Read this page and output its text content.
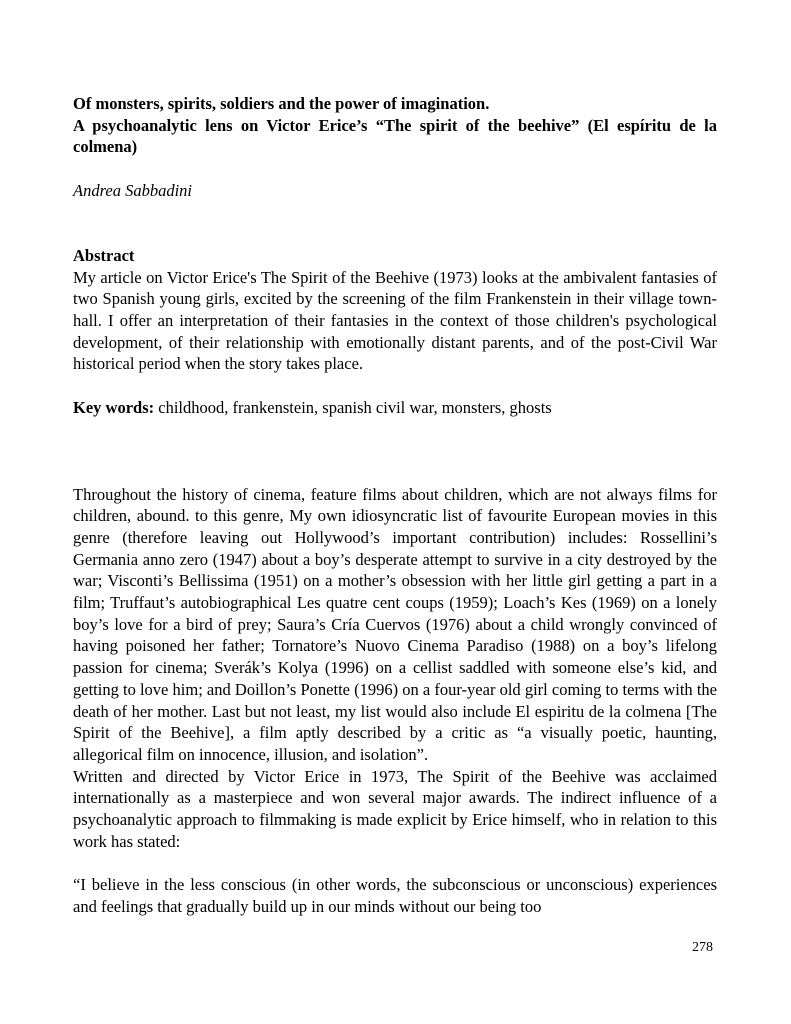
Of monsters, spirits, soldiers and the power of imagination.
A psychoanalytic lens on Victor Erice’s “The spirit of the beehive” (El espíritu de la colmena)
Andrea Sabbadini
Abstract

My article on Victor Erice's The Spirit of the Beehive (1973) looks at the ambivalent fantasies of two Spanish young girls, excited by the screening of the film Frankenstein in their village town-hall. I offer an interpretation of their fantasies in the context of those children's psychological development, of their relationship with emotionally distant parents, and of the post-Civil War historical period when the story takes place.

Key words: childhood, frankenstein, spanish civil war, monsters, ghosts

Throughout the history of cinema, feature films about children, which are not always films for children, abound. to this genre, My own idiosyncratic list of favourite European movies in this genre (therefore leaving out Hollywood’s important contribution) includes: Rossellini’s Germania anno zero (1947) about a boy’s desperate attempt to survive in a city destroyed by the war; Visconti’s Bellissima (1951) on a mother’s obsession with her little girl getting a part in a film; Truffaut’s autobiographical Les quatre cent coups (1959); Loach’s Kes (1969) on a lonely boy’s love for a bird of prey; Saura’s Cría Cuervos (1976) about a child wrongly convinced of having poisoned her father; Tornatore’s Nuovo Cinema Paradiso (1988) on a boy’s lifelong passion for cinema; Sverák’s Kolya (1996) on a cellist saddled with someone else’s kid, and getting to love him; and Doillon’s Ponette (1996) on a four-year old girl coming to terms with the death of her mother. Last but not least, my list would also include El espiritu de la colmena [The Spirit of the Beehive], a film aptly described by a critic as “a visually poetic, haunting, allegorical film on innocence, illusion, and isolation”.

Written and directed by Victor Erice in 1973, The Spirit of the Beehive was acclaimed internationally as a masterpiece and won several major awards. The indirect influence of a psychoanalytic approach to filmmaking is made explicit by Erice himself, who in relation to this work has stated:

“I believe in the less conscious (in other words, the subconscious or unconscious) experiences and feelings that gradually build up in our minds without our being too

278
